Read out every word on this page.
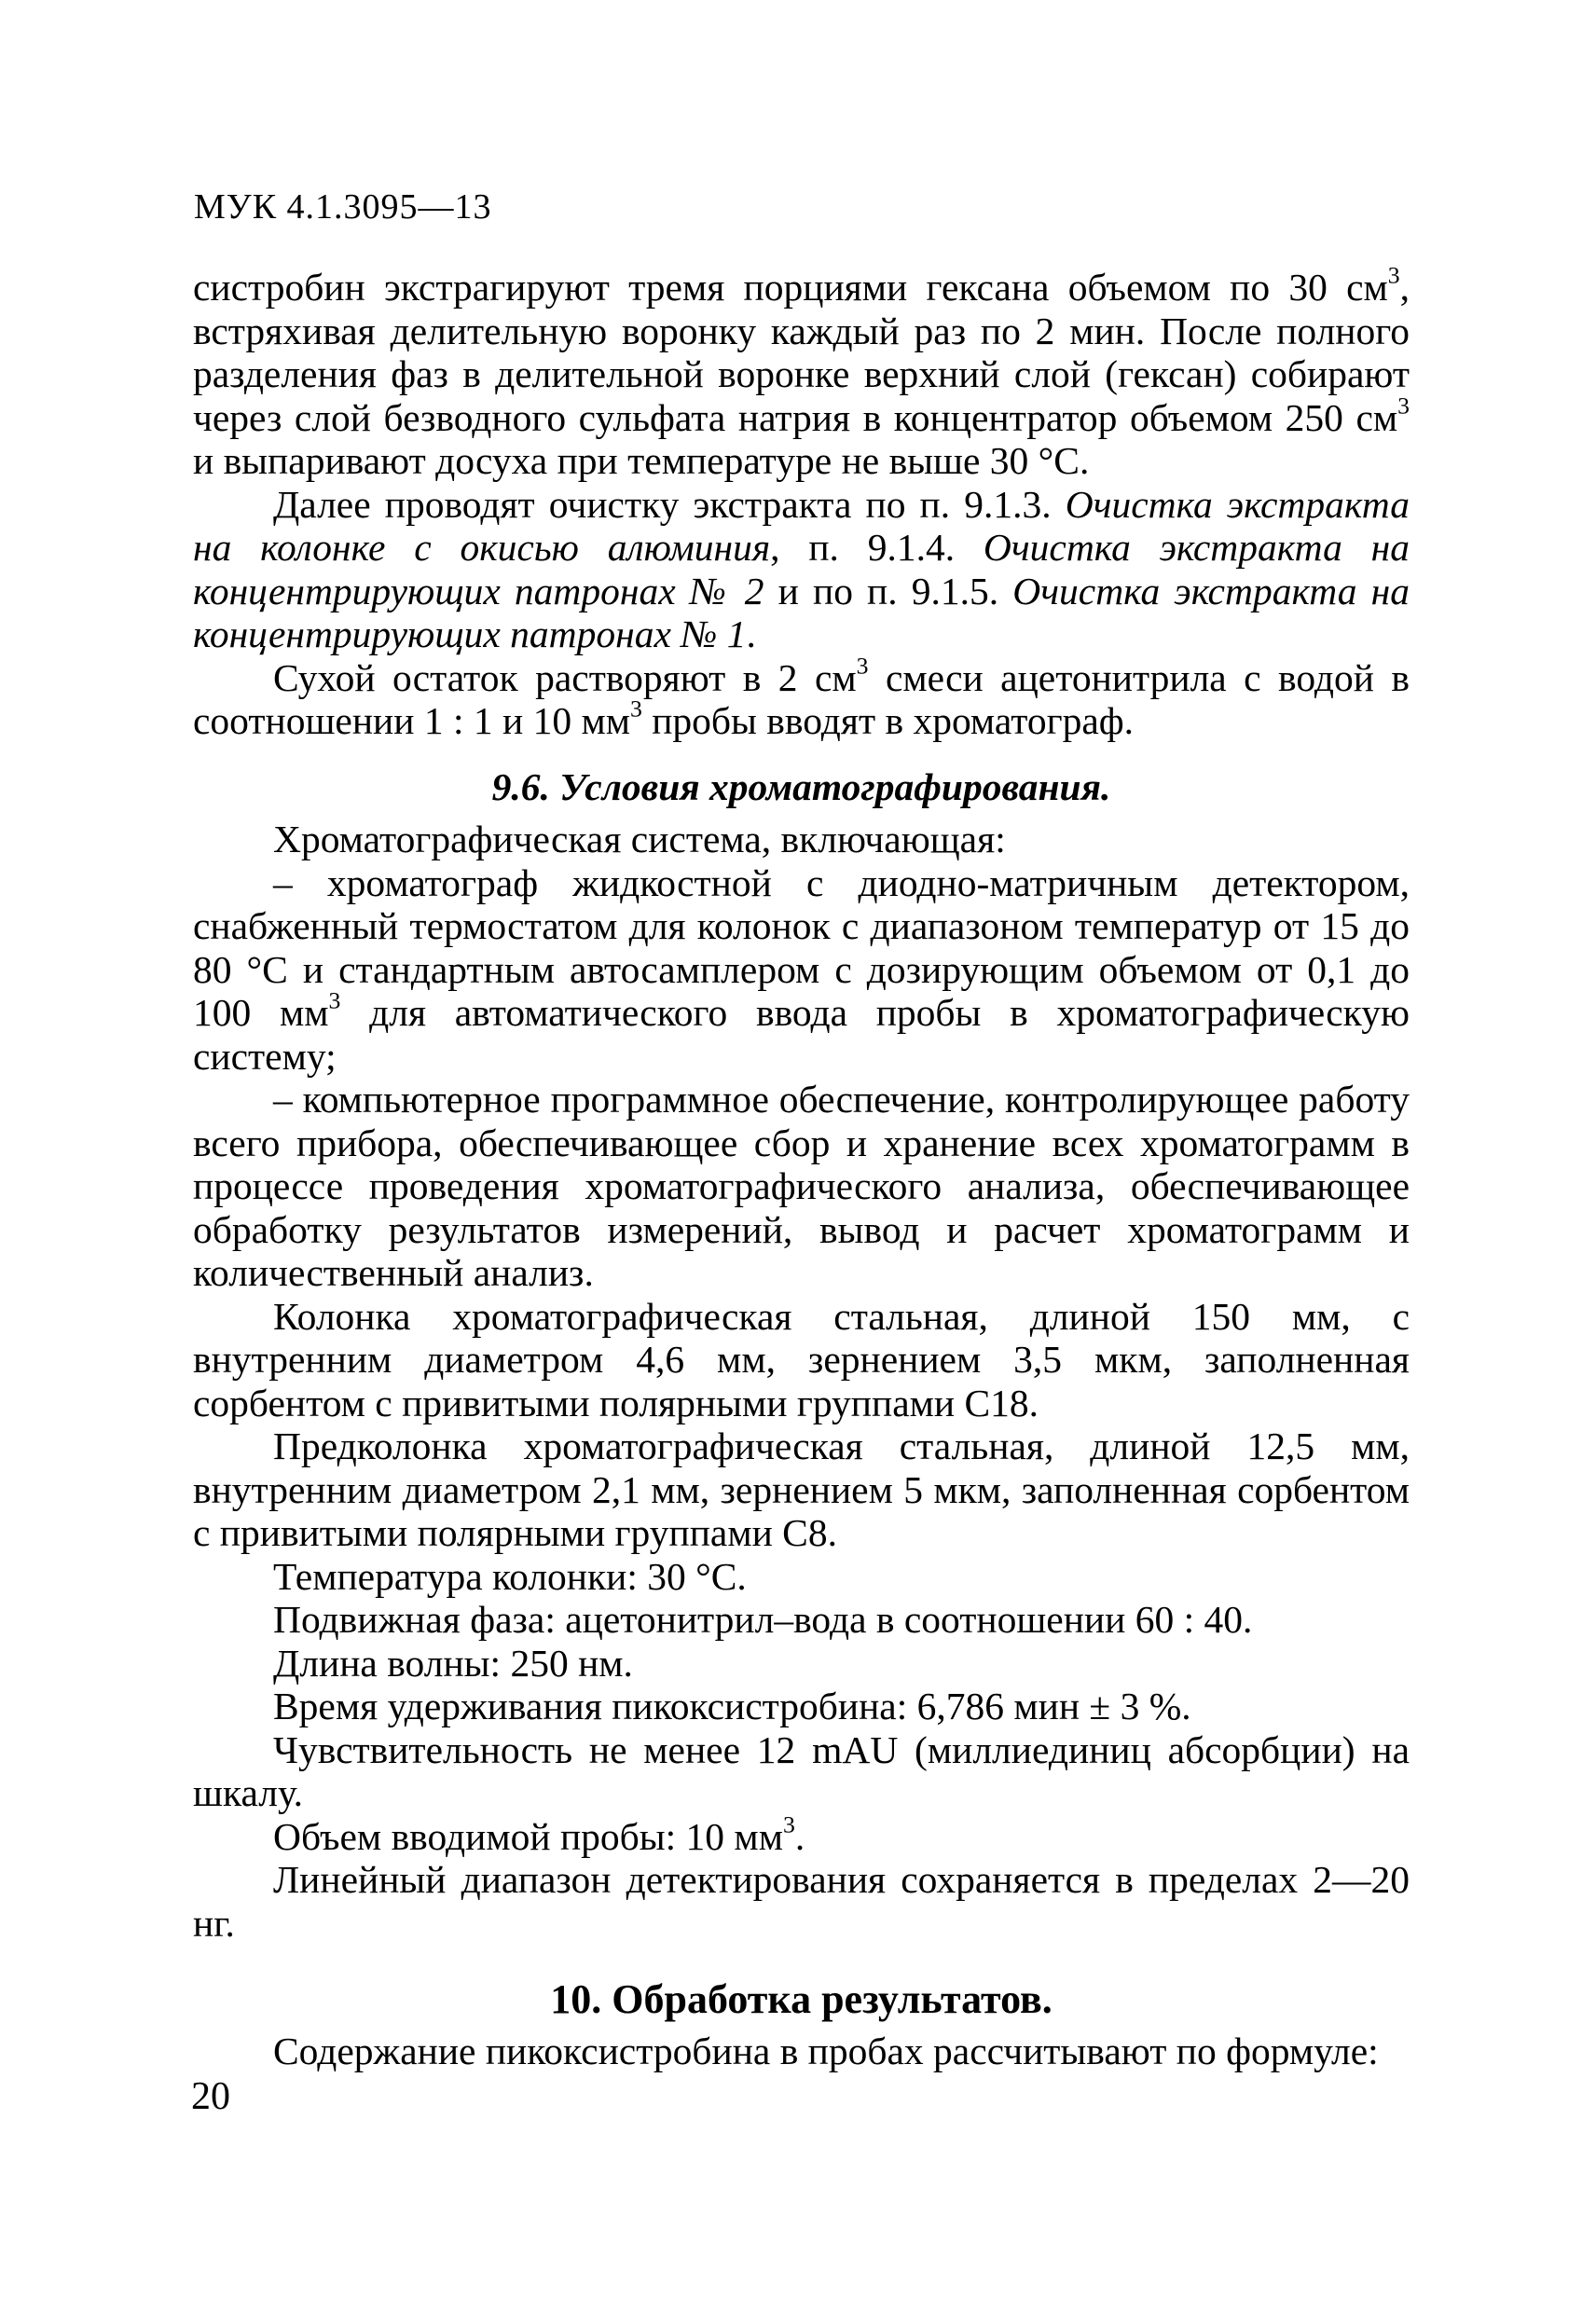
МУК 4.1.3095—13

систробин экстрагируют тремя порциями гексана объемом по 30 $см^3$, встряхивая делительную воронку каждый раз по 2 мин. После полного разделения фаз в делительной воронке верхний слой (гексан) собирают через слой безводного сульфата натрия в концентратор объемом 250 $см^3$ и выпаривают досуха при температуре не выше 30 °С.

Далее проводят очистку экстракта по п. 9.1.3. Очистка экстракта на колонке с окисью алюминия, п. 9.1.4. Очистка экстракта на концентрирующих патронах № 2 и по п. 9.1.5. Очистка экстракта на концентрирующих патронах № 1.

Сухой остаток растворяют в 2 $см^3$ смеси ацетонитрила с водой в соотношении 1 : 1 и 10 $мм^3$ пробы вводят в хроматограф.

9.6. Условия хроматографирования.

Хроматографическая система, включающая:

– хроматограф жидкостной с диодно-матричным детектором, снабженный термостатом для колонок с диапазоном температур от 15 до 80 °С и стандартным автосамплером с дозирующим объемом от 0,1 до 100 $мм^3$ для автоматического ввода пробы в хроматографическую систему;

– компьютерное программное обеспечение, контролирующее работу всего прибора, обеспечивающее сбор и хранение всех хроматограмм в процессе проведения хроматографического анализа, обеспечивающее обработку результатов измерений, вывод и расчет хроматограмм и количественный анализ.

Колонка хроматографическая стальная, длиной 150 мм, с внутренним диаметром 4,6 мм, зернением 3,5 мкм, заполненная сорбентом с привитыми полярными группами С18.

Предколонка хроматографическая стальная, длиной 12,5 мм, внутренним диаметром 2,1 мм, зернением 5 мкм, заполненная сорбентом с привитыми полярными группами С8.

Температура колонки: 30 °С.

Подвижная фаза: ацетонитрил–вода в соотношении 60 : 40.

Длина волны: 250 нм.

Время удерживания пикоксистробина: 6,786 мин ± 3 %.

Чувствительность не менее 12 mAU (миллиединиц абсорбции) на шкалу.

Объем вводимой пробы: 10 $мм^3$.

Линейный диапазон детектирования сохраняется в пределах 2—20 нг.

10. Обработка результатов.

Содержание пикоксистробина в пробах рассчитывают по формуле:

20
